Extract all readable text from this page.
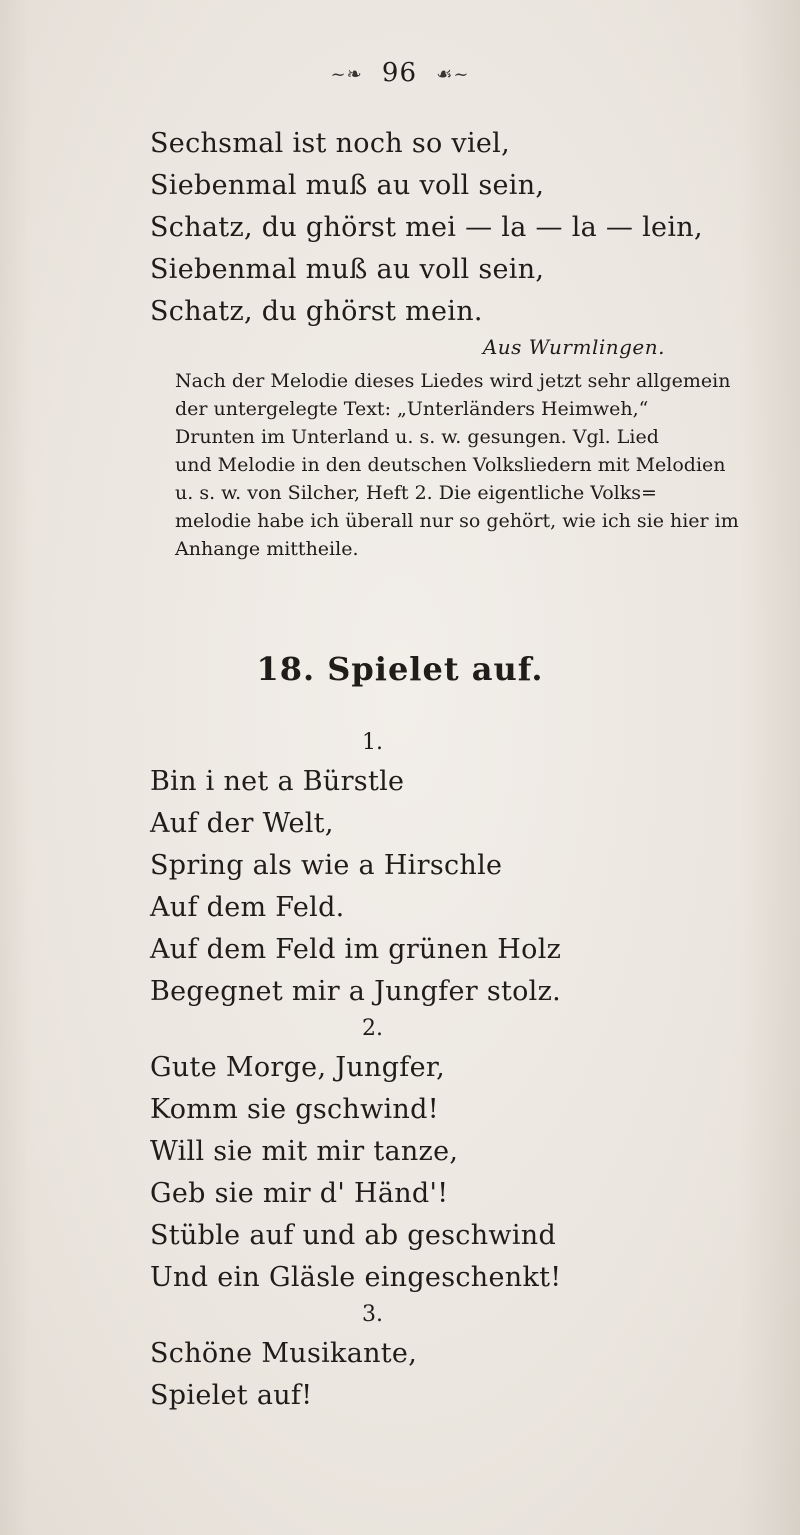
~❧ 96 ☙~
Sechsmal ist noch so viel,
Siebenmal muß au voll sein,
Schatz, du ghörst mei — la — la — lein,
Siebenmal muß au voll sein,
Schatz, du ghörst mein.
Aus Wurmlingen.
Nach der Melodie dieses Liedes wird jetzt sehr allgemein
der untergelegte Text: „Unterländers Heimweh,“
Drunten im Unterland u. s. w. gesungen. Vgl. Lied
und Melodie in den deutschen Volksliedern mit Melodien
u. s. w. von Silcher, Heft 2. Die eigentliche Volks=
melodie habe ich überall nur so gehört, wie ich sie hier im
Anhange mittheile.
18. Spielet auf.
1.
Bin i net a Bürstle
Auf der Welt,
Spring als wie a Hirschle
Auf dem Feld.
Auf dem Feld im grünen Holz
Begegnet mir a Jungfer stolz.
2.
Gute Morge, Jungfer,
Komm sie gschwind!
Will sie mit mir tanze,
Geb sie mir d' Händ'!
Stüble auf und ab geschwind
Und ein Gläsle eingeschenkt!
3.
Schöne Musikante,
Spielet auf!
